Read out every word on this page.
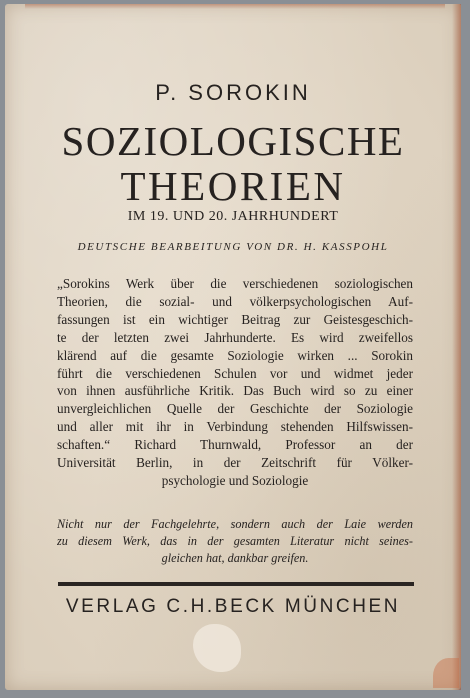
P. SOROKIN
SOZIOLOGISCHE
THEORIEN
IM 19. UND 20. JAHRHUNDERT
DEUTSCHE BEARBEITUNG VON DR. H. KASSPOHL
„Sorokins Werk über die verschiedenen soziologischen
Theorien, die sozial- und völkerpsychologischen Auf-
fassungen ist ein wichtiger Beitrag zur Geistesgeschich-
te der letzten zwei Jahrhunderte. Es wird zweifellos
klärend auf die gesamte Soziologie wirken ... Sorokin
führt die verschiedenen Schulen vor und widmet jeder
von ihnen ausführliche Kritik. Das Buch wird so zu einer
unvergleichlichen Quelle der Geschichte der Soziologie
und aller mit ihr in Verbindung stehenden Hilfswissen-
schaften.“ Richard Thurnwald, Professor an der
Universität Berlin, in der Zeitschrift für Völker-
psychologie und Soziologie
Nicht nur der Fachgelehrte, sondern auch der Laie werden
zu diesem Werk, das in der gesamten Literatur nicht seines-
gleichen hat, dankbar greifen.
VERLAG C.H.BECK MÜNCHEN
